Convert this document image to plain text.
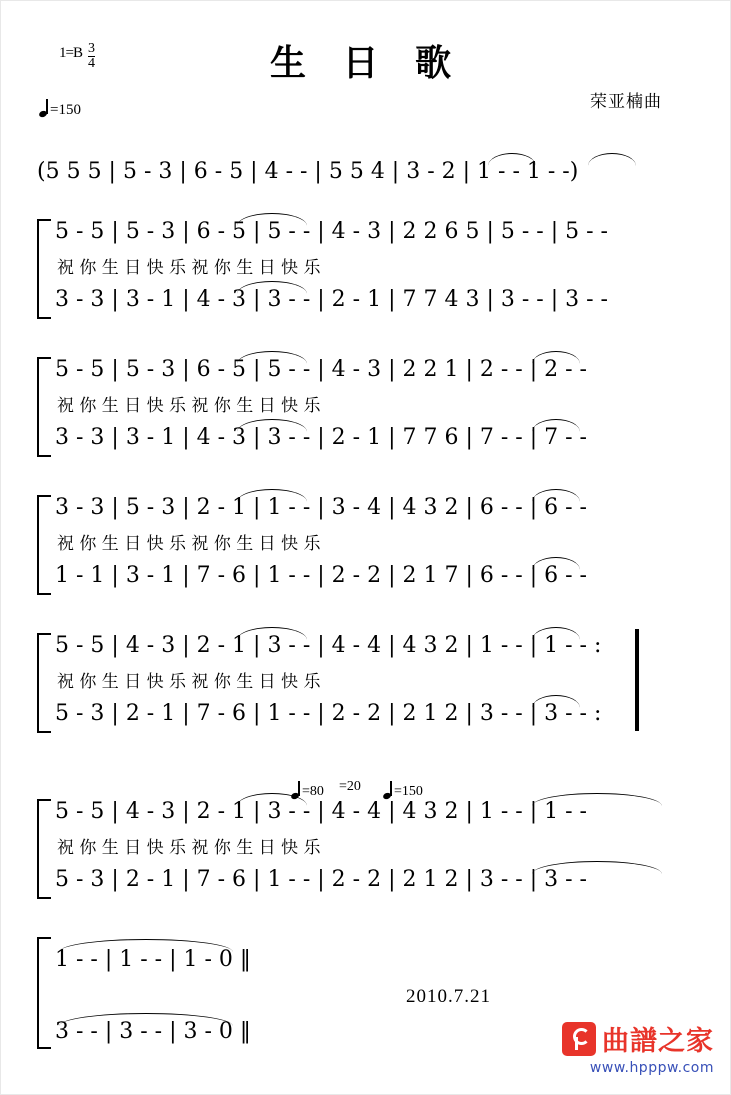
1= B $\frac{3}{4}$	生 日 歌
荣亚楠曲
=150
(5 5 5 | 5 - 3 | 6 - 5 | 4 - - | 5 5 4 | 3 - 2 | 1 - - 1 - -)
5 - 5 | 5 - 3 | 6 - 5 | 5 - - | 4 - 3 | 2 2 6 5 | 5 - - | 5 - -
祝 你 生 日 快 乐 祝 你 生 日 快 乐
3 - 3 | 3 - 1 | 4 - 3 | 3 - - | 2 - 1 | 7 7 4 3 | 3 - - | 3 - -
5 - 5 | 5 - 3 | 6 - 5 | 5 - - | 4 - 3 | 2 2 1 | 2 - - | 2 - -
祝 你 生 日 快 乐 祝 你 生 日 快 乐
3 - 3 | 3 - 1 | 4 - 3 | 3 - - | 2 - 1 | 7 7 6 | 7 - - | 7 - -
3 - 3 | 5 - 3 | 2 - 1 | 1 - - | 3 - 4 | 4 3 2 | 6 - - | 6 - -
祝 你 生 日 快 乐 祝 你 生 日 快 乐
1 - 1 | 3 - 1 | 7 - 6 | 1 - - | 2 - 2 | 2 1 7 | 6 - - | 6 - -
5 - 5 | 4 - 3 | 2 - 1 | 3 - - | 4 - 4 | 4 3 2 | 1 - - | 1 - - :
祝 你 生 日 快 乐 祝 你 生 日 快 乐
5 - 3 | 2 - 1 | 7 - 6 | 1 - - | 2 - 2 | 2 1 2 | 3 - - | 3 - - :
=80 =20 =150
5 - 5 | 4 - 3 | 2 - 1 | 3 - - | 4 - 4 | 4 3 2 | 1 - - | 1 - -
祝 你 生 日 快 乐 祝 你 生 日 快 乐
5 - 3 | 2 - 1 | 7 - 6 | 1 - - | 2 - 2 | 2 1 2 | 3 - - | 3 - -
1 - - | 1 - - | 1 - 0 ‖
3 - - | 3 - - | 3 - 0 ‖
2010.7.21
曲譜之家
www.hpppw.com
